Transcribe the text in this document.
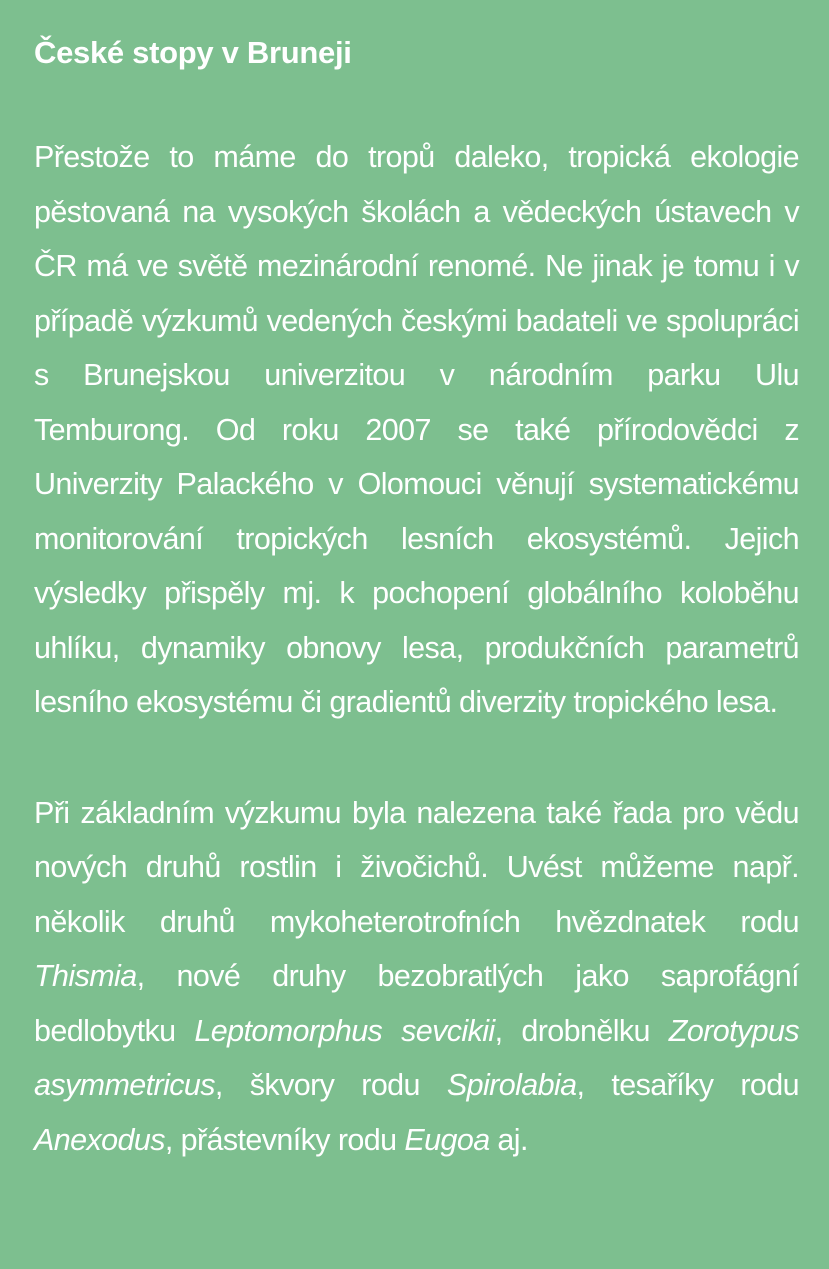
České stopy v Bruneji

Přestože to máme do tropů daleko, tropická ekologie pěstovaná na vysokých školách a vědeckých ústavech v ČR má ve světě mezinárodní renomé. Ne jinak je tomu i v případě výzkumů vedených českými badateli ve spolupráci s Brunejskou univerzitou v národním parku Ulu Temburong. Od roku 2007 se také přírodovědci z Univerzity Palackého v Olomouci věnují systematickému monitorování tropických lesních ekosystémů. Jejich výsledky přispěly mj. k pochopení globálního koloběhu uhlíku, dynamiky obnovy lesa, produkčních parametrů lesního ekosystému či gradientů diverzity tropického lesa.

Při základním výzkumu byla nalezena také řada pro vědu nových druhů rostlin i živočichů. Uvést můžeme např. několik druhů mykoheterotrofních hvězdnatek rodu Thismia, nové druhy bezobratlých jako saprofágní bedlobytku Leptomorphus sevcikii, drobnělku Zorotypus asymmetricus, škvory rodu Spirolabia, tesaříky rodu Anexodus, přástevníky rodu Eugoa aj.
